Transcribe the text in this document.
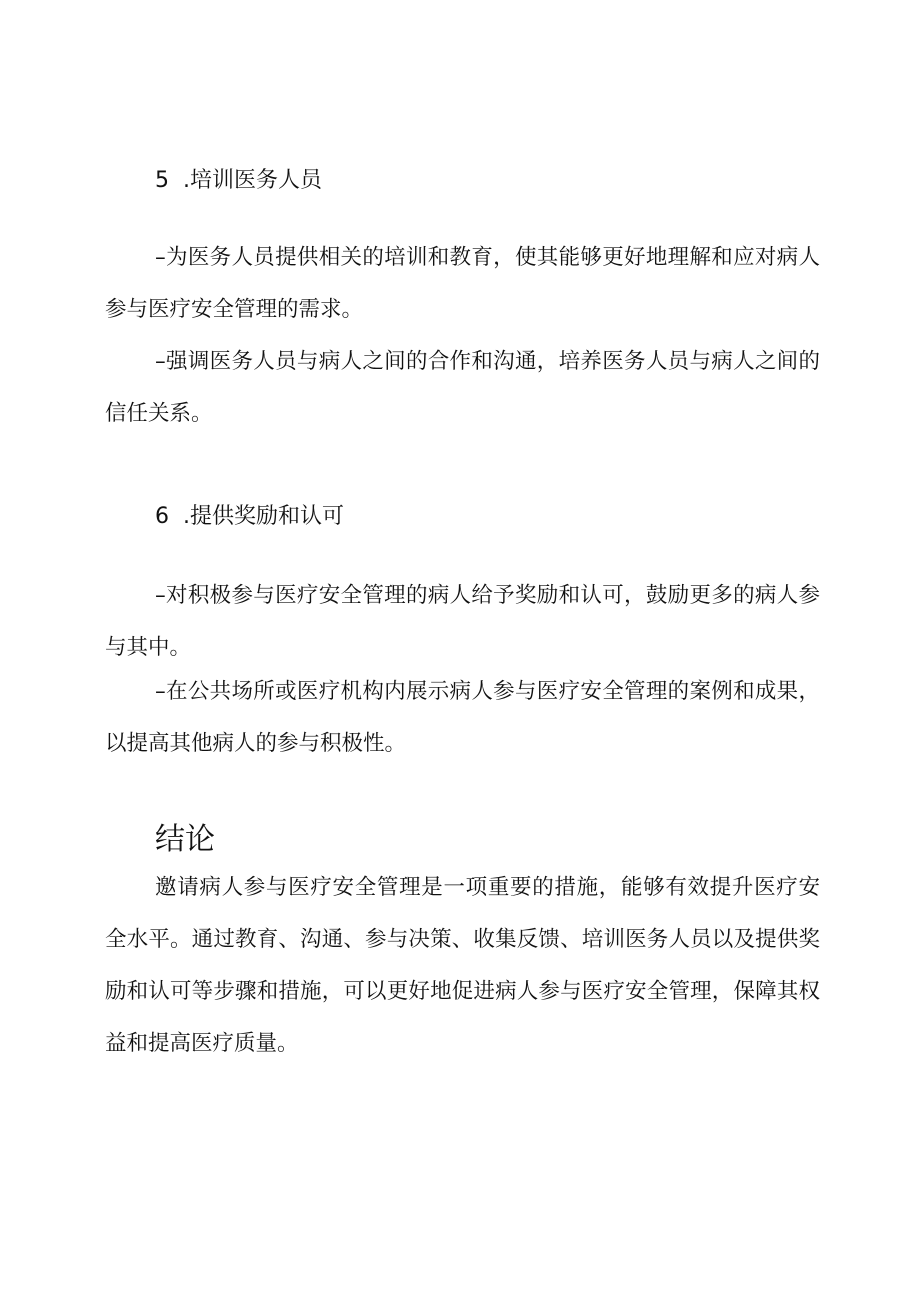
5 .培训医务人员

–为医务人员提供相关的培训和教育，使其能够更好地理解和应对病人参与医疗安全管理的需求。

–强调医务人员与病人之间的合作和沟通，培养医务人员与病人之间的信任关系。

6 .提供奖励和认可

–对积极参与医疗安全管理的病人给予奖励和认可，鼓励更多的病人参与其中。

–在公共场所或医疗机构内展示病人参与医疗安全管理的案例和成果，以提高其他病人的参与积极性。

结论

邀请病人参与医疗安全管理是一项重要的措施，能够有效提升医疗安全水平。通过教育、沟通、参与决策、收集反馈、培训医务人员以及提供奖励和认可等步骤和措施，可以更好地促进病人参与医疗安全管理，保障其权益和提高医疗质量。
